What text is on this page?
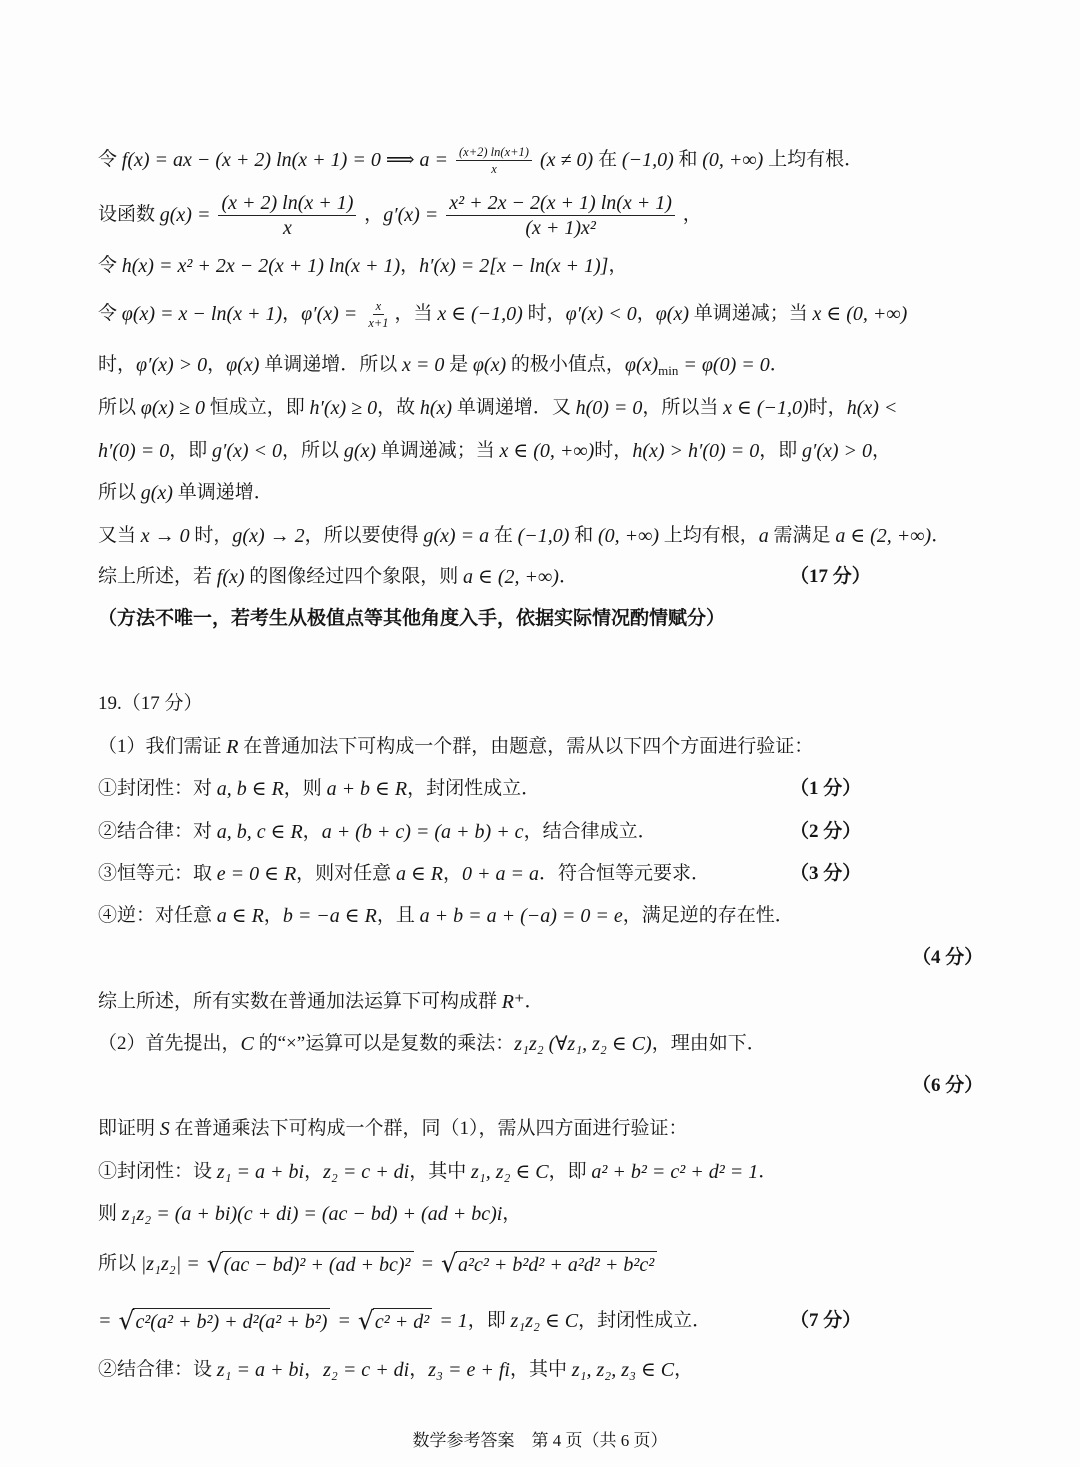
令 f(x) = ax − (x + 2) ln(x + 1) = 0 ⟹ $a = \frac{(x+2) \ln(x+1)}{x} (x \ne 0)$ 在 (−1,0) 和 (0, +∞) 上均有根．
设函数 $g(x) = \frac{(x + 2) \ln(x + 1)}{x}$ ， $g'(x) = \frac{\text{x² + 2x − 2(x + 1) ln(x + 1)}}{\text{(x + 1)x²}}$ ，
令 h(x) = x² + 2x − 2(x + 1) ln(x + 1) ， h′(x) = 2[x − ln(x + 1)] ，
令 φ(x) = x − ln(x + 1) ， $\varphi'(x) = \frac{x}{x+1}$ ，当 x ∈ (−1,0) 时， φ′(x) < 0 ， φ(x) 单调递减；当 x ∈ (0, +∞)
时， φ′(x) > 0 ， φ(x) 单调递增．所以 x = 0 是 φ(x) 的极小值点， φ(x) min = φ(0) = 0 ．
所以 φ(x) ≥ 0 恒成立，即 h′(x) ≥ 0 ，故 h(x) 单调递增．又 h(0) = 0 ，所以当 x ∈ (−1,0) 时， h(x) <
h′(0) = 0 ，即 g′(x) < 0 ，所以 g(x) 单调递减；当 x ∈ (0, +∞) 时， h(x) > h′(0) = 0 ，即 g′(x) > 0 ，
所以 g(x) 单调递增．
又当 x → 0 时， g(x) → 2 ，所以要使得 g(x) = a 在 (−1,0) 和 (0, +∞) 上均有根， a 需满足 a ∈ (2, +∞) ．
综上所述，若 f(x) 的图像经过四个象限，则 a ∈ (2, +∞) ．	（17 分）
（方法不唯一，若考生从极值点等其他角度入手，依据实际情况酌情赋分）
19.（17 分）
（1）我们需证 R 在普通加法下可构成一个群，由题意，需从以下四个方面进行验证：
①封闭性：对 a, b ∈ R ，则 a + b ∈ R ，封闭性成立．	（1 分）
②结合律：对 a, b, c ∈ R ， a + (b + c) = (a + b) + c ，结合律成立．	（2 分）
③恒等元：取 e = 0 ∈ R ，则对任意 a ∈ R ， 0 + a = a ．符合恒等元要求．	（3 分）
④逆：对任意 a ∈ R ， b = −a ∈ R ，且 a + b = a + (−a) = 0 = e ，满足逆的存在性．
（4 分）
综上所述，所有实数在普通加法运算下可构成群 R⁺ ．
（2）首先提出， C 的“×”运算可以是复数的乘法： z₁z₂ (∀z₁, z₂ ∈ C) ，理由如下．
（6 分）
即证明 S 在普通乘法下可构成一个群，同（1），需从四方面进行验证：
①封闭性：设 z₁ = a + bi ， z₂ = c + di ，其中 z₁, z₂ ∈ C ，即 a² + b² = c² + d² = 1 ．
则 z₁z₂ = (a + bi)(c + di) = (ac − bd) + (ad + bc)i ，
所以 |z₁z₂| = √ (ac − bd)² + (ad + bc)² = √ a²c² + b²d² + a²d² + b²c²
= √ c²(a² + b²) + d²(a² + b²) = √ c² + d² = 1 ，即 z₁z₂ ∈ C ，封闭性成立．	（7 分）
②结合律：设 z₁ = a + bi ， z₂ = c + di ， z₃ = e + fi ，其中 z₁, z₂, z₃ ∈ C ，
数学参考答案　第 4 页（共 6 页）
